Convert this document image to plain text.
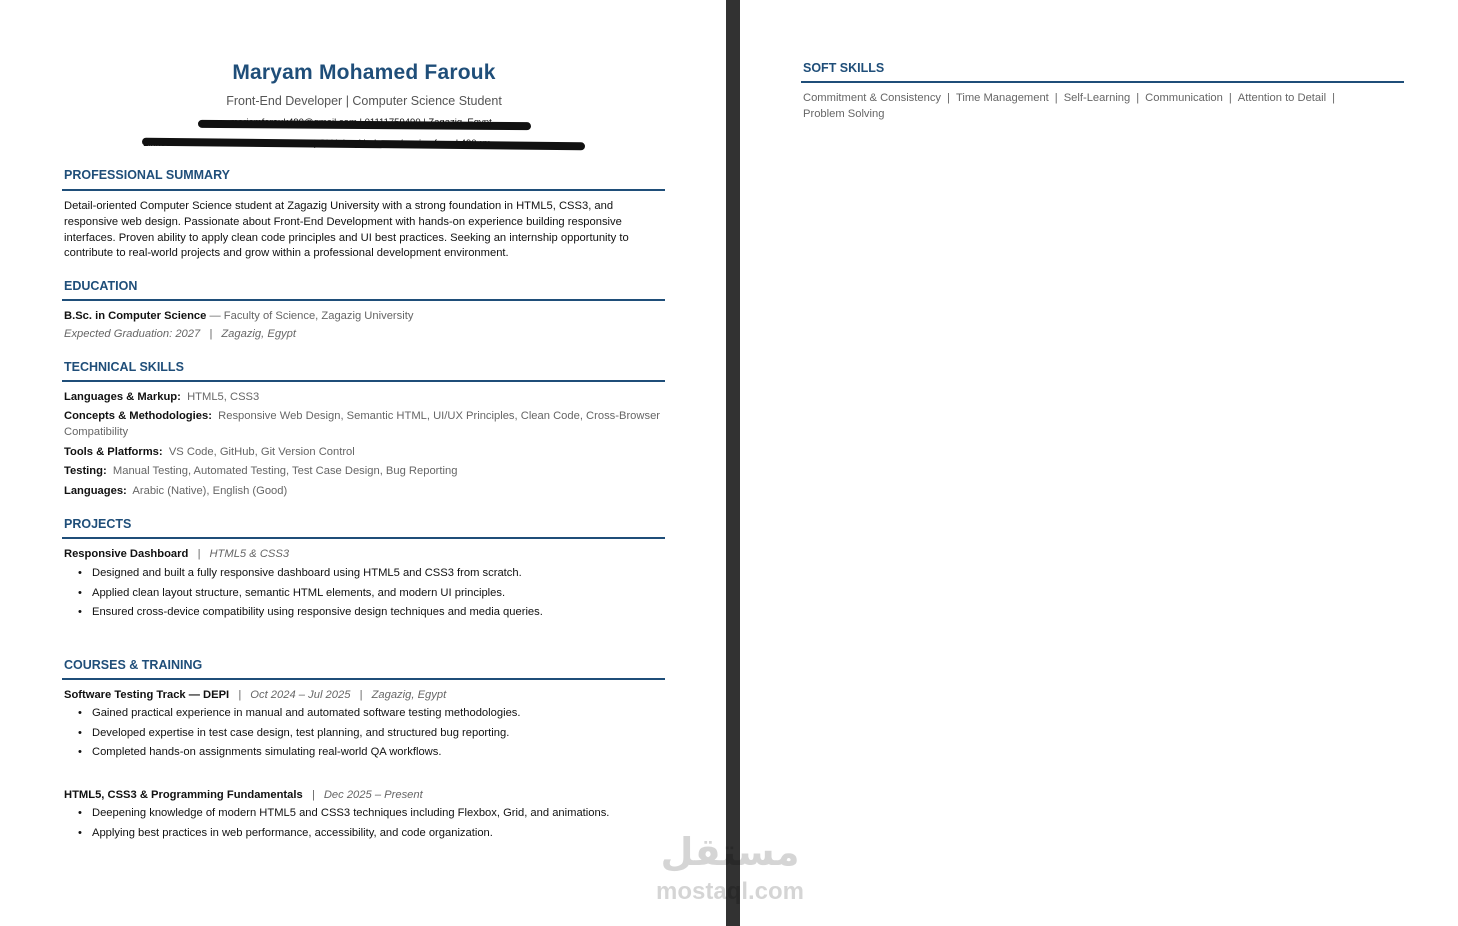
Maryam Mohamed Farouk
Front-End Developer | Computer Science Student
PROFESSIONAL SUMMARY
Detail-oriented Computer Science student at Zagazig University with a strong foundation in HTML5, CSS3, and responsive web design. Passionate about Front-End Development with hands-on experience building responsive interfaces. Proven ability to apply clean code principles and UI best practices. Seeking an internship opportunity to contribute to real-world projects and grow within a professional development environment.
EDUCATION
B.Sc. in Computer Science — Faculty of Science, Zagazig University
Expected Graduation: 2027 | Zagazig, Egypt
TECHNICAL SKILLS
Languages & Markup: HTML5, CSS3
Concepts & Methodologies: Responsive Web Design, Semantic HTML, UI/UX Principles, Clean Code, Cross-Browser Compatibility
Tools & Platforms: VS Code, GitHub, Git Version Control
Testing: Manual Testing, Automated Testing, Test Case Design, Bug Reporting
Languages: Arabic (Native), English (Good)
PROJECTS
Responsive Dashboard | HTML5 & CSS3
• Designed and built a fully responsive dashboard using HTML5 and CSS3 from scratch.
• Applied clean layout structure, semantic HTML elements, and modern UI principles.
• Ensured cross-device compatibility using responsive design techniques and media queries.
COURSES & TRAINING
Software Testing Track — DEPI | Oct 2024 – Jul 2025 | Zagazig, Egypt
• Gained practical experience in manual and automated software testing methodologies.
• Developed expertise in test case design, test planning, and structured bug reporting.
• Completed hands-on assignments simulating real-world QA workflows.
HTML5, CSS3 & Programming Fundamentals | Dec 2025 – Present
• Deepening knowledge of modern HTML5 and CSS3 techniques including Flexbox, Grid, and animations.
• Applying best practices in web performance, accessibility, and code organization.
SOFT SKILLS
Commitment & Consistency | Time Management | Self-Learning | Communication | Attention to Detail |
Problem Solving
مستقل
mostaql.com
